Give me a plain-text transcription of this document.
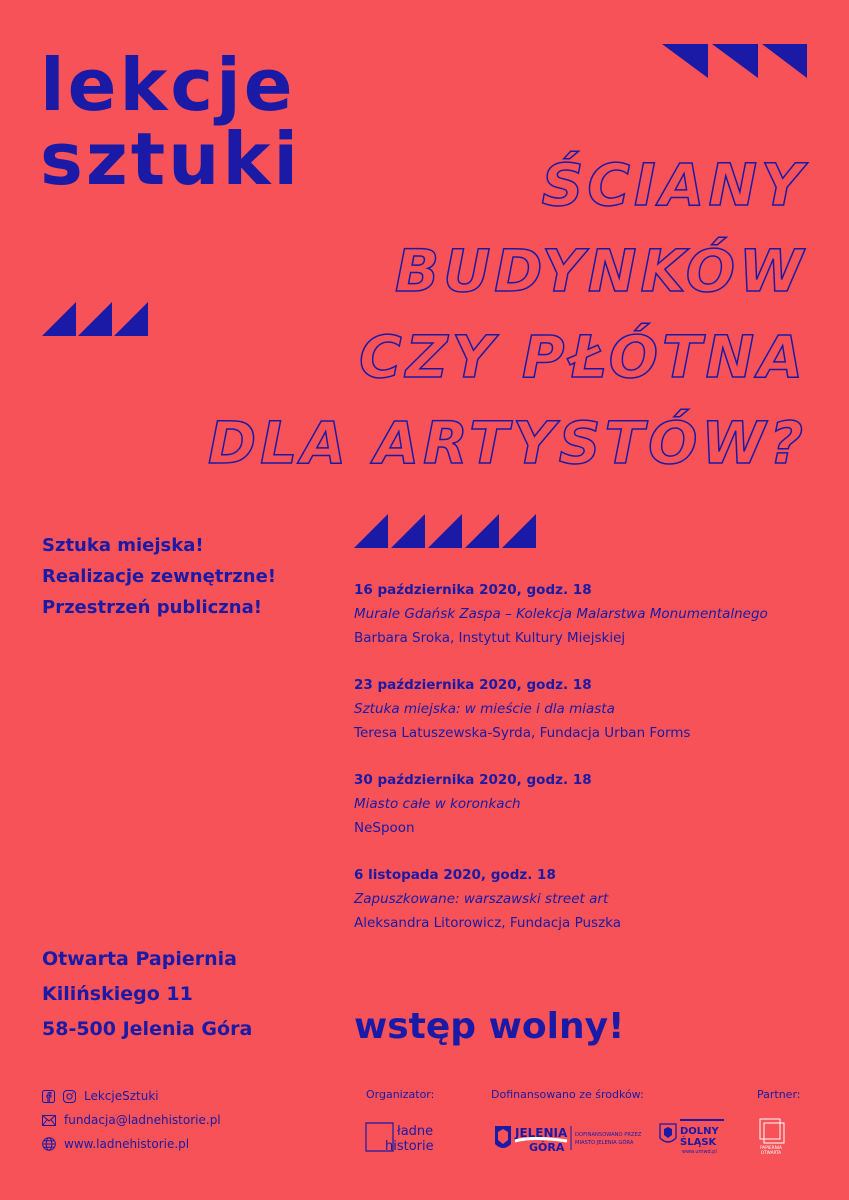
lekcje
sztuki	ŚCIANY
BUDYNKÓW
CZY PŁÓTNA
DLA ARTYSTÓW?
Sztuka miejska!
Realizacje zewnętrzne!
Przestrzeń publiczna!
16 października 2020, godz. 18
Murale Gdańsk Zaspa – Kolekcja Malarstwa Monumentalnego
Barbara Sroka, Instytut Kultury Miejskiej
23 października 2020, godz. 18
Sztuka miejska: w mieście i dla miasta
Teresa Latuszewska-Syrda, Fundacja Urban Forms
30 października 2020, godz. 18
Miasto całe w koronkach
NeSpoon
6 listopada 2020, godz. 18
Zapuszkowane: warszawski street art
Aleksandra Litorowicz, Fundacja Puszka
Otwarta Papiernia
Kilińskiego 11
58-500 Jelenia Góra	wstęp wolny!
LekcjeSztuki
fundacja@ladnehistorie.pl
www.ladnehistorie.pl
Organizator:	Dofinansowano ze środków:	Partner:
ładne
historie
JELENIA
GÓRA
DOFINANSOWANO PRZEZ
MIASTO JELENIA GÓRA
DOLNY
ŚLĄSK
www.umwd.pl
PAPIERNIA
OTWARTA
